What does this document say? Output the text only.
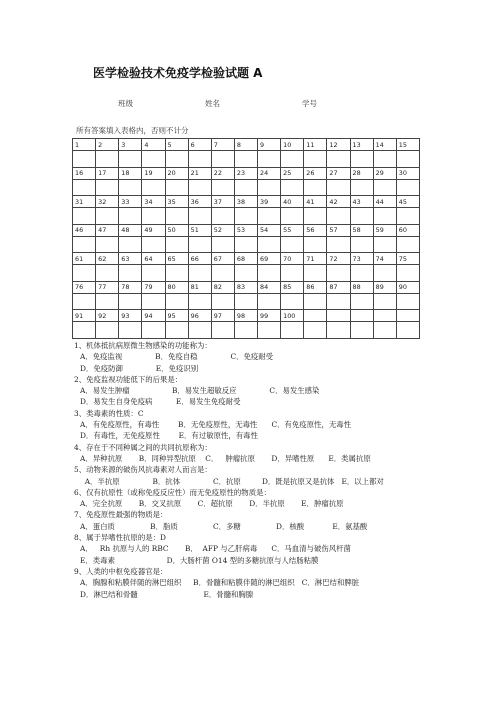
医学检验技术免疫学检验试题 A
班级	姓名	学号
所有答案填入表格内，否则不计分
1	2	3	4	5	6	7	8	9	10	11	12	13	14	15

16	17	18	19	20	21	22	23	24	25	26	27	28	29	30

31	32	33	34	35	36	37	38	39	40	41	42	43	44	45

46	47	48	49	50	51	52	53	54	55	56	57	58	59	60

61	62	63	64	65	66	67	68	69	70	71	72	73	74	75

76	77	78	79	80	81	82	83	84	85	86	87	88	89	90

91	92	93	94	95	96	97	98	99	100					

1、机体抵抗病原微生物感染的功能称为：
A．免疫监视              B．免疫自稳              C．免疫耐受
D．免疫防御              E．免疫识别
2、免疫监视功能低下的后果是：
A．易发生肿瘤                  B．易发生超敏反应              C．易发生感染
D．易发生自身免疫病          E．易发生免疫耐受
3、类毒素的性质：C
A．有免疫原性，有毒性        B．无免疫原性，无毒性      C．有免疫原性，无毒性
D．有毒性，无免疫原性        E．有过敏原性，有毒性
4、存在于不同种属之间的共同抗原称为：
A．异种抗原       B．同种异型抗原    C．   肿瘤抗原       D．异嗜性原      E．类属抗原
5、动物来源的破伤风抗毒素对人而言是：
A．半抗原              B．抗体              C．抗原         D．既是抗原又是抗体   E．以上都对
6、仅有抗原性（或称免疫反应性）而无免疫原性的物质是：
A．完全抗原       B．交叉抗原       C．超抗原       D．半抗原       E．肿瘤抗原
7、免疫原性最强的物质是：
A．蛋白质               B．脂质               C．多糖               D．核酸            E．氨基酸
8、属于异嗜性抗原的是：D
A．   Rh 抗原与人的 RBC       B．  AFP 与乙肝病毒      C．马血清与破伤风杆菌
E．类毒素                      D．大肠杆菌 O14 型的多糖抗原与人结肠粘膜
9、人类的中枢免疫器官是：
A．胸腺和粘膜伴随的淋巴组织     B．骨髓和粘膜伴随的淋巴组织   C．淋巴结和脾脏
D．淋巴结和骨髓                            E．骨髓和胸腺
